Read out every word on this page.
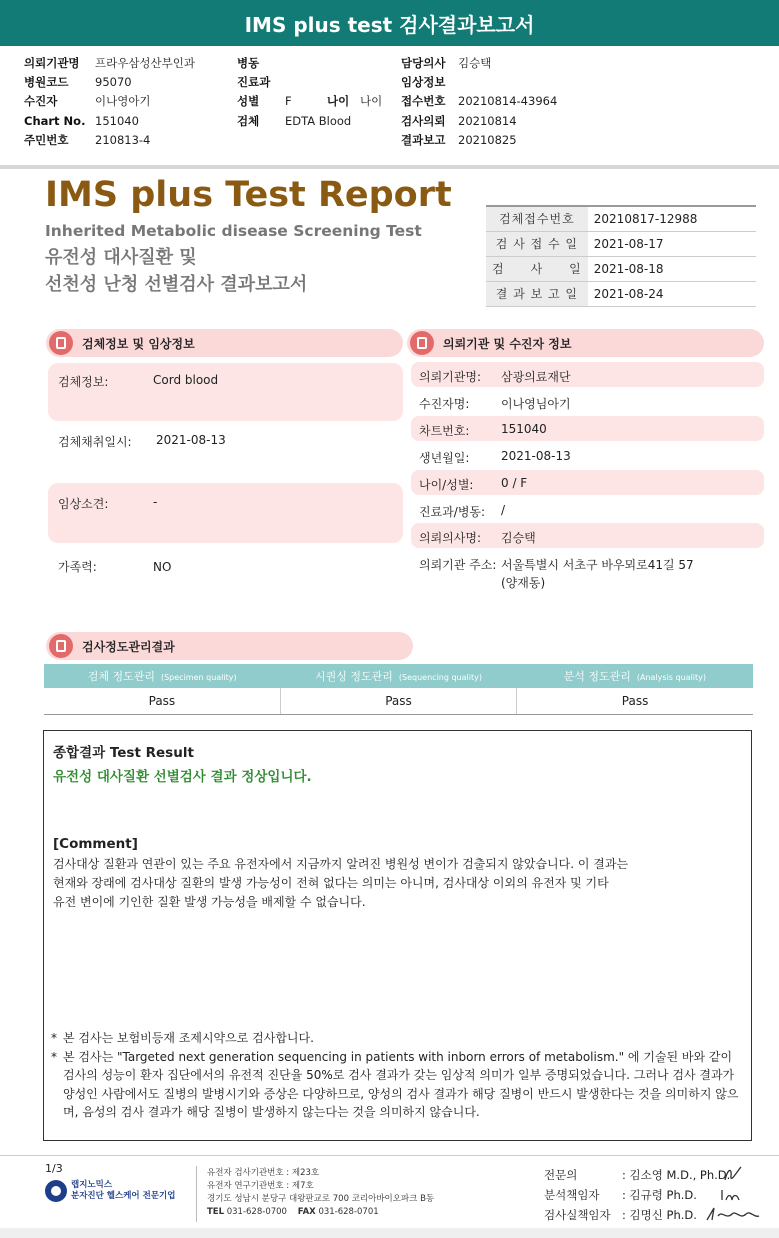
IMS plus test 검사결과보고서
의뢰기관명	프라우삼성산부인과
병원코드	95070
수진자	이나영아기
Chart No. 151040
주민번호	210813-4
병동
진료과
성별	F	나이 나이
검체	EDTA Blood
담당의사	김승택
임상정보
접수번호	20210814-43964
검사의뢰	20210814
결과보고	20210825
IMS plus Test Report
Inherited Metabolic disease Screening Test
유전성 대사질환 및
선천성 난청 선별검사 결과보고서
검체접수번호	20210817-12988
검 사 접 수 일	2021-08-17
검　　사　　일	2021-08-18
결 과 보 고 일	2021-08-24
검체정보 및 임상정보
검체정보:	Cord blood
검체채취일시: 2021-08-13
임상소견:	-
가족력:	NO
의뢰기관 및 수진자 정보
의뢰기관명: 삼광의료재단
수진자명:	이나영님아기
차트번호:	151040
생년월일:	2021-08-13
나이/성별: 0 / F
진료과/병동: /
의뢰의사명: 김승택
의뢰기관 주소: 서울특별시 서초구 바우뫼로41길 57
(양재동)
검사정도관리결과
검체 정도관리 (Specimen quality)	시퀀싱 정도관리 (Sequencing quality)	분석 정도관리 (Analysis quality)
Pass	Pass	Pass
종합결과 Test Result
유전성 대사질환 선별검사 결과 정상입니다.
[Comment]
검사대상 질환과 연관이 있는 주요 유전자에서 지금까지 알려진 병원성 변이가 검출되지 않았습니다. 이 결과는
현재와 장래에 검사대상 질환의 발생 가능성이 전혀 없다는 의미는 아니며, 검사대상 이외의 유전자 및 기타
유전 변이에 기인한 질환 발생 가능성을 배제할 수 없습니다.
* 본 검사는 보험비등재 조제시약으로 검사합니다.
* 본 검사는 "Targeted next generation sequencing in patients with inborn errors of metabolism." 에 기술된 바와 같이 검사의 성능이 환자 집단에서의 유전적 진단율 50%로 검사 결과가 갖는 임상적 의미가 일부 증명되었습니다. 그러나 검사 결과가 양성인 사람에서도 질병의 발병시기와 증상은 다양하므로, 양성의 검사 결과가 해당 질병이 반드시 발생한다는 것을 의미하지 않으며, 음성의 검사 결과가 해당 질병이 발생하지 않는다는 것을 의미하지 않습니다.
1/3
랩지노믹스
분자진단 헬스케어 전문기업
유전자 검사기관번호 : 제23호
유전자 연구기관번호 : 제7호
경기도 성남시 분당구 대왕판교로 700 코리아바이오파크 B동
TEL 031-628-0700 FAX 031-628-0701
전문의	: 김소영 M.D., Ph.D.
분석책임자 : 김규령 Ph.D.
검사실책임자 : 김명신 Ph.D.
